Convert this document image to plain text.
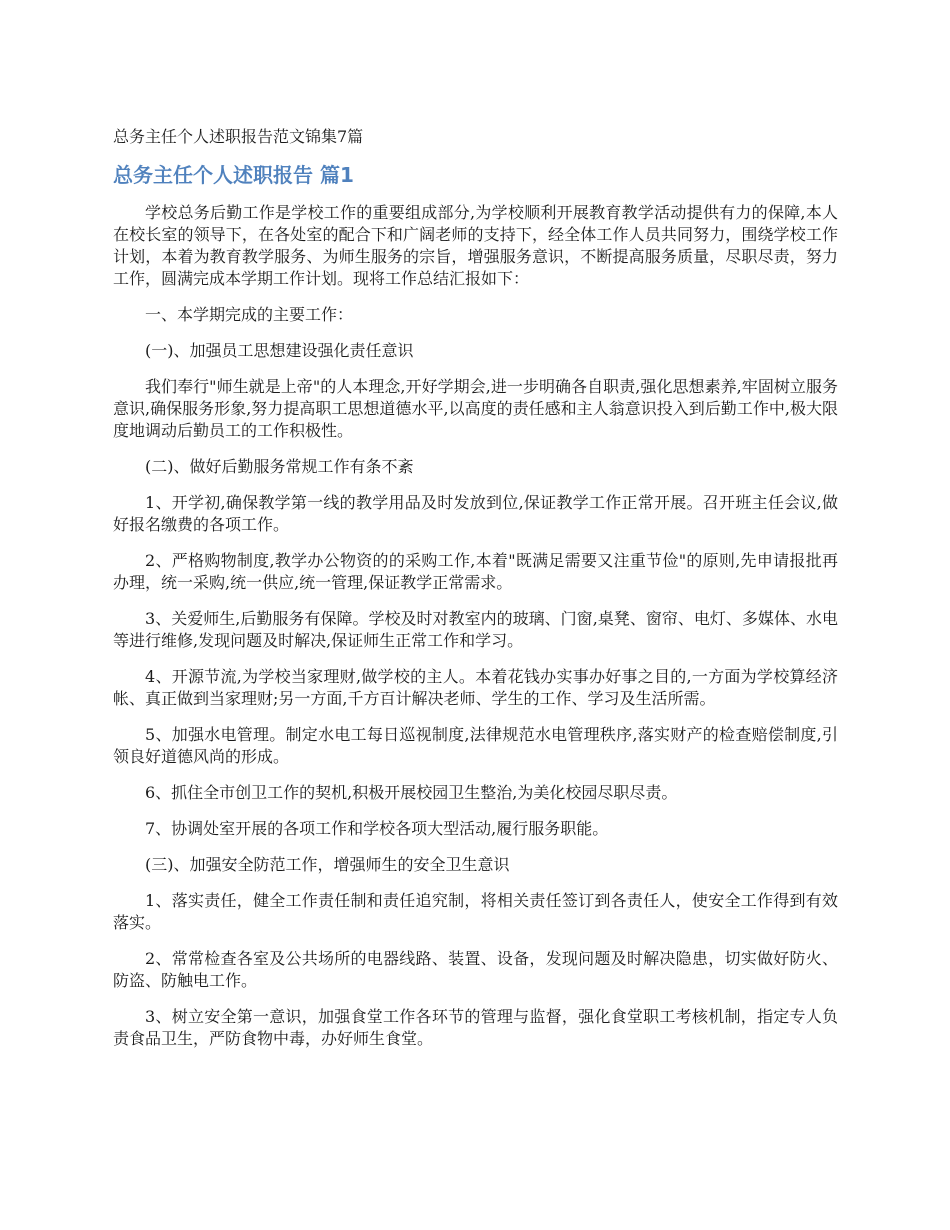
总务主任个人述职报告范文锦集7篇
总务主任个人述职报告 篇1
学校总务后勤工作是学校工作的重要组成部分,为学校顺利开展教育教学活动提供有力的保障,本人在校长室的领导下，在各处室的配合下和广阔老师的支持下，经全体工作人员共同努力，围绕学校工作计划，本着为教育教学服务、为师生服务的宗旨，增强服务意识，不断提高服务质量，尽职尽责，努力工作，圆满完成本学期工作计划。现将工作总结汇报如下：
一、本学期完成的主要工作：
(一)、加强员工思想建设强化责任意识
我们奉行"师生就是上帝"的人本理念,开好学期会,进一步明确各自职责,强化思想素养,牢固树立服务意识,确保服务形象,努力提高职工思想道德水平,以高度的责任感和主人翁意识投入到后勤工作中,极大限度地调动后勤员工的工作积极性。
(二)、做好后勤服务常规工作有条不紊
1、开学初,确保教学第一线的教学用品及时发放到位,保证教学工作正常开展。召开班主任会议,做好报名缴费的各项工作。
2、严格购物制度,教学办公物资的的采购工作,本着"既满足需要又注重节俭"的原则,先申请报批再办理，统一采购,统一供应,统一管理,保证教学正常需求。
3、关爱师生,后勤服务有保障。学校及时对教室内的玻璃、门窗,桌凳、窗帘、电灯、多媒体、水电等进行维修,发现问题及时解决,保证师生正常工作和学习。
4、开源节流,为学校当家理财,做学校的主人。本着花钱办实事办好事之目的,一方面为学校算经济帐、真正做到当家理财;另一方面,千方百计解决老师、学生的工作、学习及生活所需。
5、加强水电管理。制定水电工每日巡视制度,法律规范水电管理秩序,落实财产的检查赔偿制度,引领良好道德风尚的形成。
6、抓住全市创卫工作的契机,积极开展校园卫生整治,为美化校园尽职尽责。
7、协调处室开展的各项工作和学校各项大型活动,履行服务职能。
(三)、加强安全防范工作，增强师生的安全卫生意识
1、落实责任，健全工作责任制和责任追究制，将相关责任签订到各责任人，使安全工作得到有效落实。
2、常常检查各室及公共场所的电器线路、装置、设备，发现问题及时解决隐患，切实做好防火、防盗、防触电工作。
3、树立安全第一意识，加强食堂工作各环节的管理与监督，强化食堂职工考核机制，指定专人负责食品卫生，严防食物中毒，办好师生食堂。
